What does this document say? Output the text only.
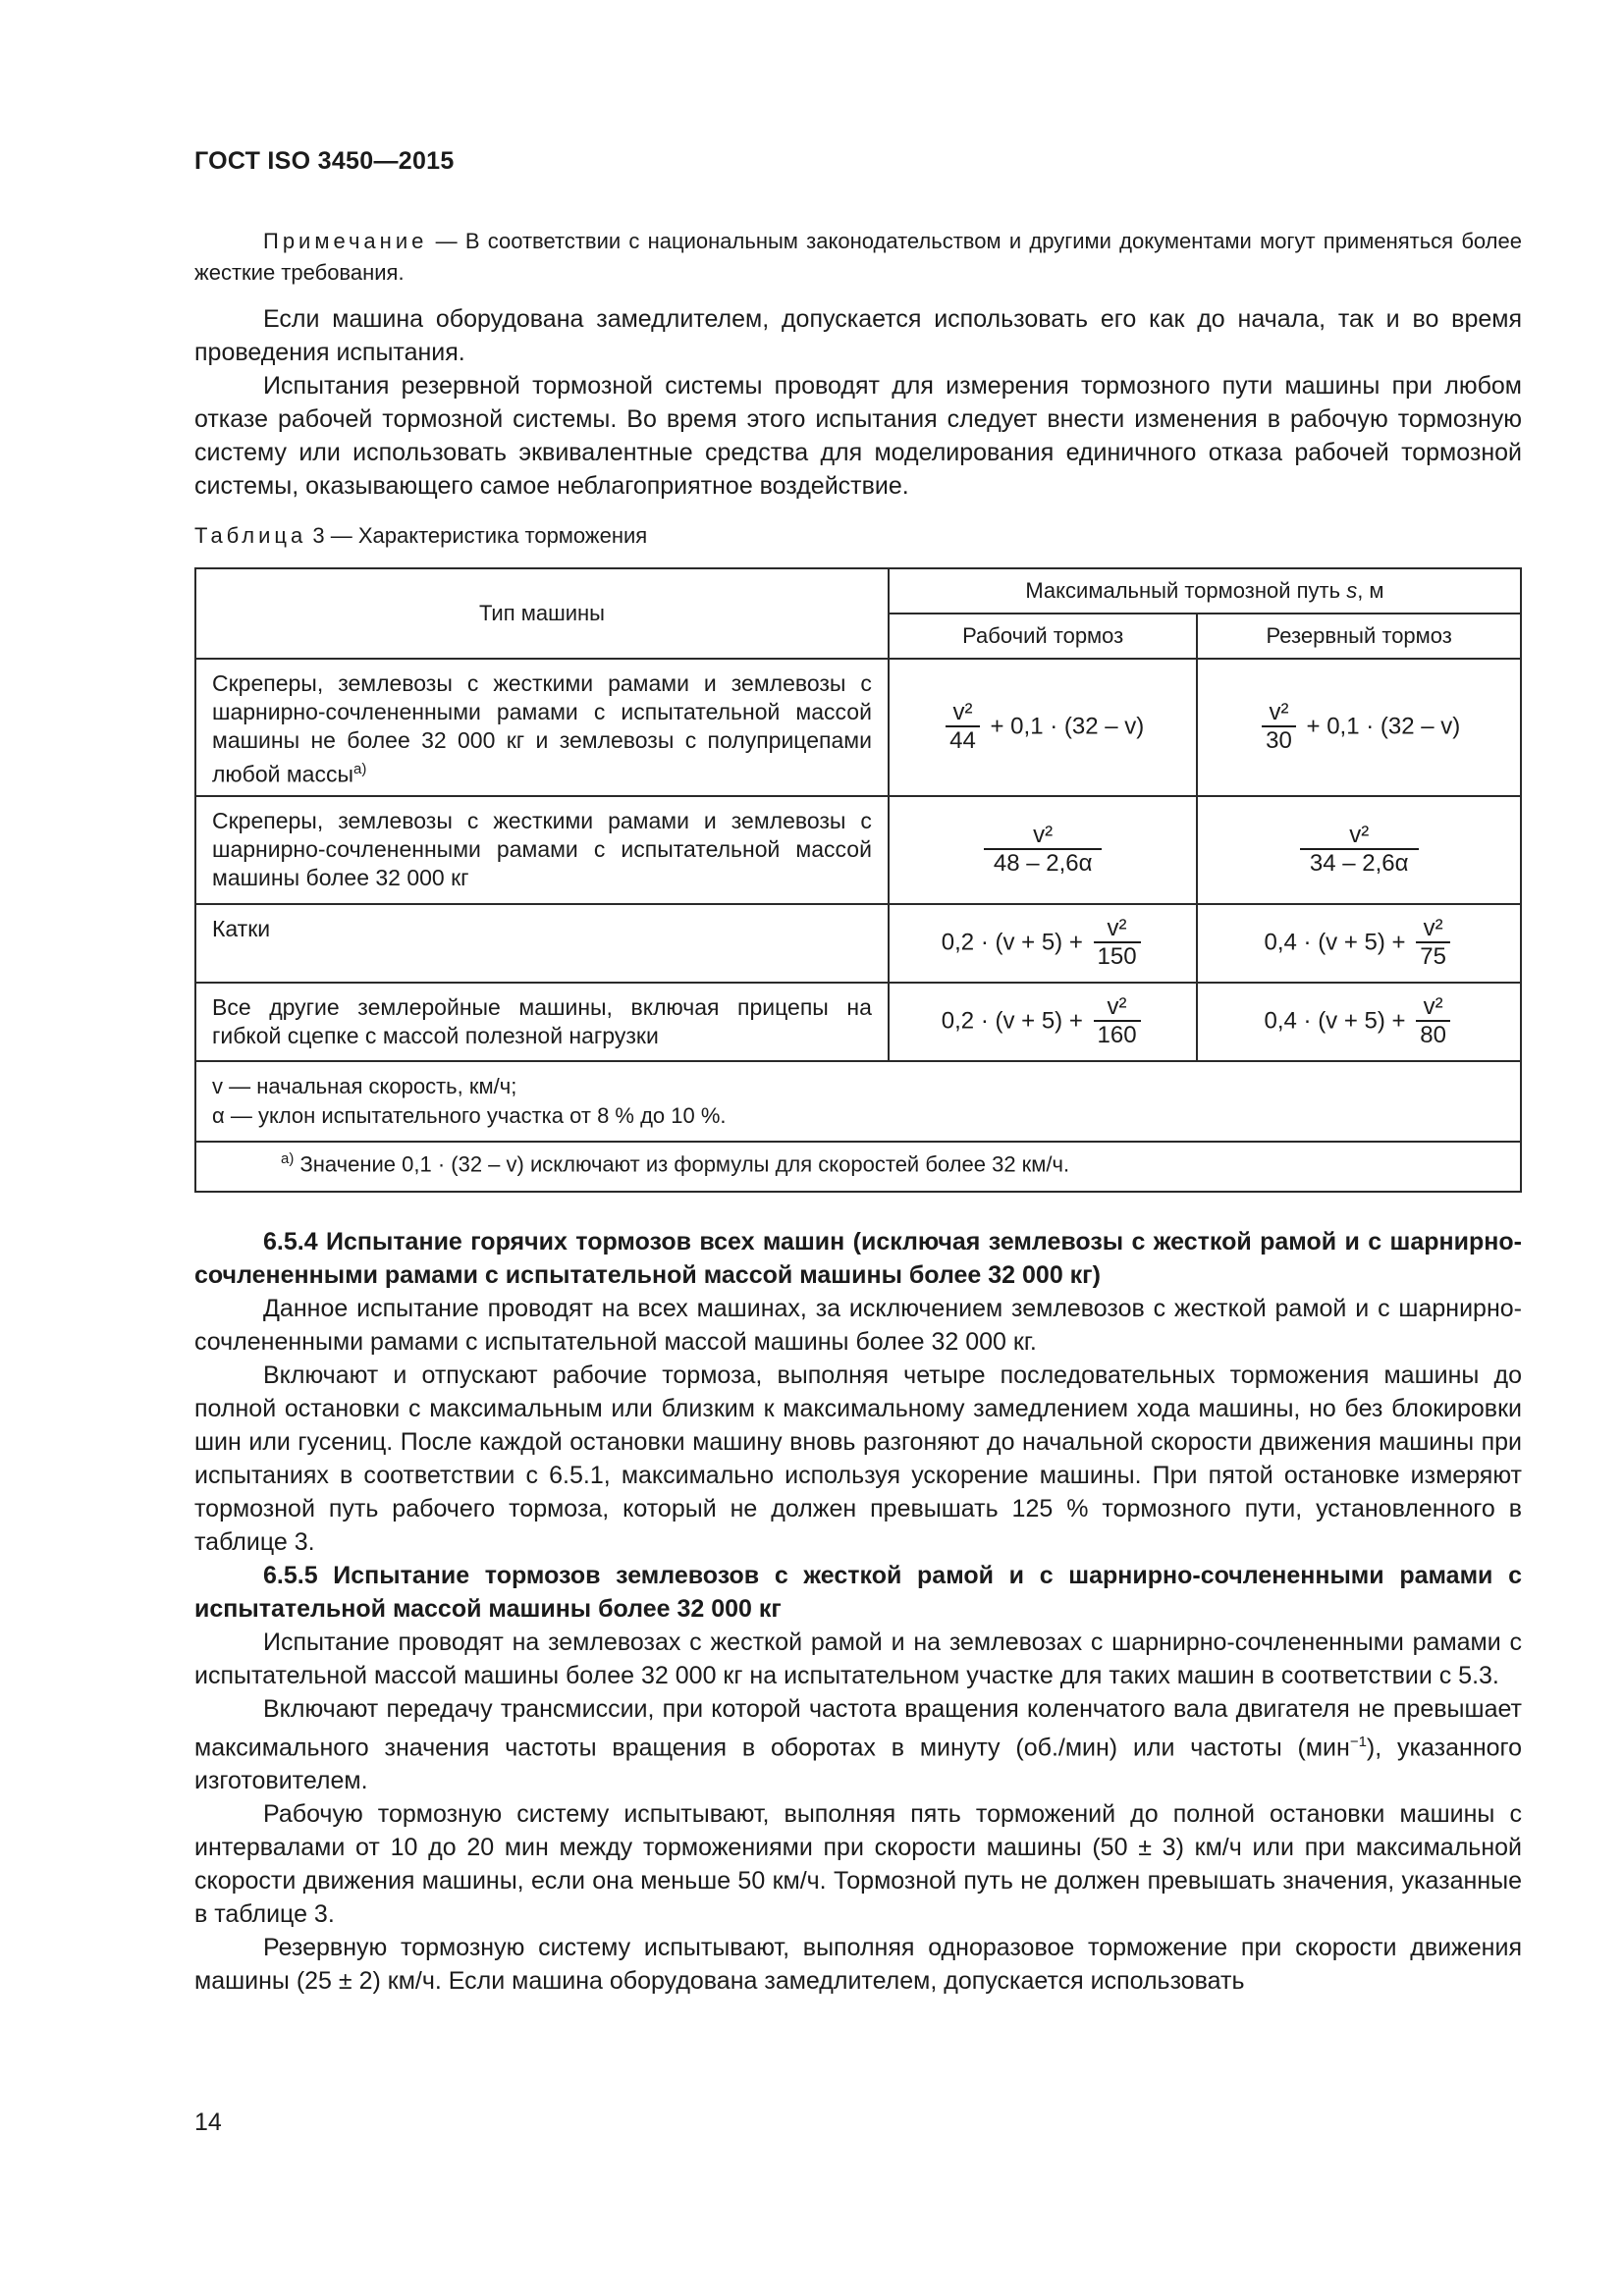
ГОСТ ISO 3450—2015
Примечание — В соответствии с национальным законодательством и другими документами могут применяться более жесткие требования.

Если машина оборудована замедлителем, допускается использовать его как до начала, так и во время проведения испытания.

Испытания резервной тормозной системы проводят для измерения тормозного пути машины при любом отказе рабочей тормозной системы. Во время этого испытания следует внести изменения в рабочую тормозную систему или использовать эквивалентные средства для моделирования единичного отказа рабочей тормозной системы, оказывающего самое неблагоприятное воздействие.

Таблица 3 — Характеристика торможения
Тип машины	Максимальный тормозной путь s, м	
	Рабочий тормоз	Резервный тормоз
Скреперы, землевозы с жесткими рамами и землевозы с шарнирно-сочлененными рамами с испытательной массой машины не более 32 000 кг и землевозы с полуприцепами любой массы$^{a)}$	$\frac{\text{v²}}{44} + 0,1 \cdot (32 - v)$	$\frac{\text{v²}}{30} + 0,1 \cdot (32 - v)$
Скреперы, землевозы с жесткими рамами и землевозы с шарнирно-сочлененными рамами с испытательной массой машины более 32 000 кг	$\frac{\text{v²}}{48 - 2,6\alpha}$	$\frac{\text{v²}}{34 - 2,6\alpha}$

Катки	$0,2 \cdot (v + 5) + \frac{\text{v²}}{150}$	$0,4 \cdot (v + 5) + \frac{\text{v²}}{75}$

Все другие землеройные машины, включая прицепы на гибкой сцепке с массой полезной нагрузки	$0,2 \cdot (v + 5) + \frac{\text{v²}}{160}$	$0,4 \cdot (v + 5) + \frac{\text{v²}}{80}$

v — начальная скорость, км/ч;
α — уклон испытательного участка от 8 % до 10 %.		

$^{a)}$ Значение 0,1 · (32 – v) исключают из формулы для скоростей более 32 км/ч.		

6.5.4 Испытание горячих тормозов всех машин (исключая землевозы с жесткой рамой и с шарнирно-сочлененными рамами с испытательной массой машины более 32 000 кг)

Данное испытание проводят на всех машинах, за исключением землевозов с жесткой рамой и с шарнирно-сочлененными рамами с испытательной массой машины более 32 000 кг.

Включают и отпускают рабочие тормоза, выполняя четыре последовательных торможения машины до полной остановки с максимальным или близким к максимальному замедлением хода машины, но без блокировки шин или гусениц. После каждой остановки машину вновь разгоняют до начальной скорости движения машины при испытаниях в соответствии с 6.5.1, максимально используя ускорение машины. При пятой остановке измеряют тормозной путь рабочего тормоза, который не должен превышать 125 % тормозного пути, установленного в таблице 3.

6.5.5 Испытание тормозов землевозов с жесткой рамой и с шарнирно-сочлененными рамами с испытательной массой машины более 32 000 кг

Испытание проводят на землевозах с жесткой рамой и на землевозах с шарнирно-сочлененными рамами с испытательной массой машины более 32 000 кг на испытательном участке для таких машин в соответствии с 5.3.

Включают передачу трансмиссии, при которой частота вращения коленчатого вала двигателя не превышает максимального значения частоты вращения в оборотах в минуту (об./мин) или частоты (мин$^{-1}$), указанного изготовителем.

Рабочую тормозную систему испытывают, выполняя пять торможений до полной остановки машины с интервалами от 10 до 20 мин между торможениями при скорости машины (50 ± 3) км/ч или при максимальной скорости движения машины, если она меньше 50 км/ч. Тормозной путь не должен превышать значения, указанные в таблице 3.

Резервную тормозную систему испытывают, выполняя одноразовое торможение при скорости движения машины (25 ± 2) км/ч. Если машина оборудована замедлителем, допускается использовать

14
